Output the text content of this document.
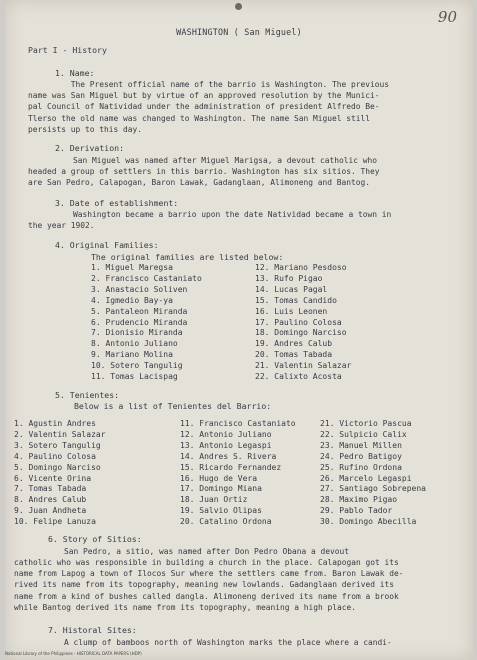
90
WASHINGTON ( San Miguel)
Part I - History
1. Name:
The Present official name of the barrio is Washington. The previous
name was San Miguel but by virtue of an approved resolution by the Munici-
pal Council of Natividad under the administration of president Alfredo Be-
Tlerso the old name was changed to Washington. The name San Miguel still
persists up to this day.
2. Derivation:
San Miguel was named after Miguel Marigsa, a devout catholic who
headed a group of settlers in this barrio. Washington has six sitios. They
are San Pedro, Calapogan, Baron Lawak, Gadanglaan, Alimoneng and Bantog.
3. Date of establishment:
Washington became a barrio upon the date Natividad became a town in
the year 1902.
4. Original Families:
The original families are listed below:
1. Miguel Maregsa
2. Francisco Castaniato
3. Anastacio Soliven
4. Igmedio Bay-ya
5. Pantaleon Miranda
6. Prudencio Miranda
7. Dionisio Miranda
8. Antonio Juliano
9. Mariano Molina
10. Sotero Tangulig
11. Tomas Lacispag
12. Mariano Pesdoso
13. Rufo Pigao
14. Lucas Pagal
15. Tomas Candido
16. Luis Leonen
17. Paulino Colosa
18. Domingo Narciso
19. Andres Calub
20. Tomas Tabada
21. Valentin Salazar
22. Calixto Acosta
5. Tenientes:
Below is a list of Tenientes del Barrio:
1. Agustin Andres
2. Valentin Salazar
3. Sotero Tangulig
4. Paulino Colosa
5. Domingo Narciso
6. Vicente Orina
7. Tomas Tabada
8. Andres Calub
9. Juan Andheta
10. Felipe Lanuza
11. Francisco Castaniato
12. Antonio Juliano
13. Antonio Legaspi
14. Andres S. Rivera
15. Ricardo Fernandez
16. Hugo de Vera
17. Domingo Miana
18. Juan Ortiz
19. Salvio Olipas
20. Catalino Ordona
21. Victorio Pascua
22. Sulpicio Calix
23. Manuel Millen
24. Pedro Batigoy
25. Rufino Ordona
26. Marcelo Legaspi
27. Santiago Sobrepena
28. Maximo Pigao
29. Pablo Tador
30. Domingo Abecilla
6. Story of Sitios:
San Pedro, a sitio, was named after Don Pedro Obana a devout
catholic who was responsible in building a church in the place. Calapogan got its
name from Lapog a town of Ilocos Sur where the settlers came from. Baron Lawak de-
rived its name from its topography, meaning new lowlands. Gadanglaan derived its
name from a kind of bushes called dangla. Alimoneng derived its name from a brook
while Bantog derived its name from its topography, meaning a high place.
7. Historal Sites:
A clump of bamboos north of Washington marks the place where a candi-
National Library of the Philippines - HISTORICAL DATA PAPERS (HDP)
